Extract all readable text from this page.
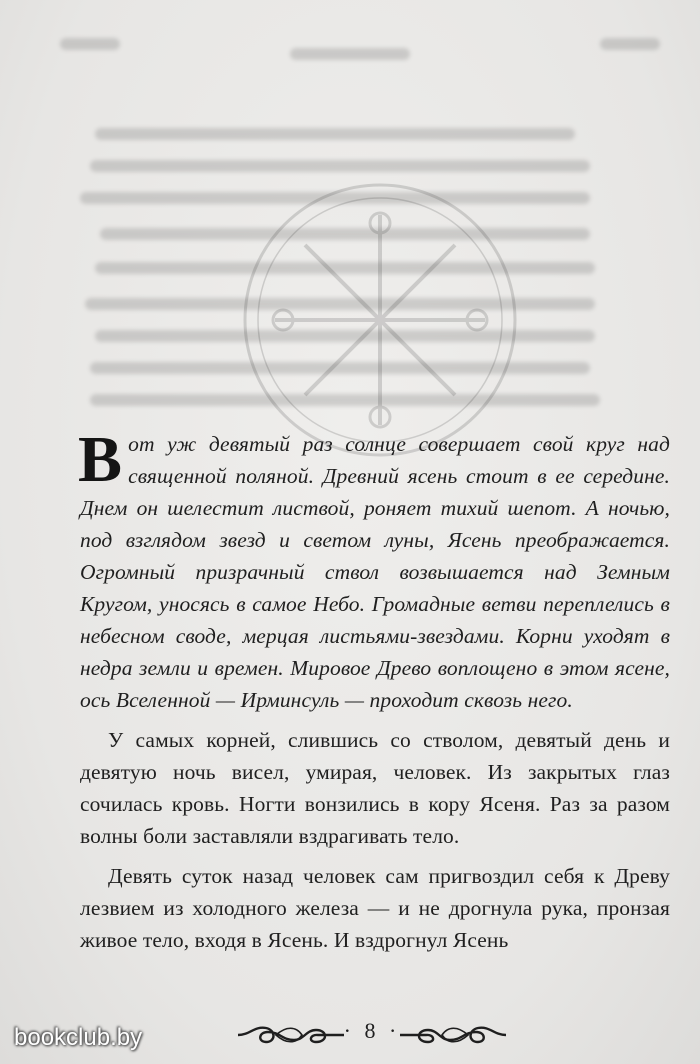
Вот уж девятый раз солнце совершает свой круг над священной поляной. Древний ясень стоит в ее середине. Днем он шелестит листвой, роняет тихий шепот. А ночью, под взглядом звезд и светом луны, Ясень преображается. Огромный призрачный ствол возвышается над Земным Кругом, уносясь в самое Небо. Громадные ветви переплелись в небесном своде, мерцая листьями-звездами. Корни уходят в недра земли и времен. Мировое Древо воплощено в этом ясене, ось Вселенной — Ирминсуль — проходит сквозь него.

У самых корней, слившись со стволом, девятый день и девятую ночь висел, умирая, человек. Из закрытых глаз сочилась кровь. Ногти вонзились в кору Ясеня. Раз за разом волны боли заставляли вздрагивать тело.

Девять суток назад человек сам пригвоздил себя к Древу лезвием из холодного железа — и не дрогнула рука, пронзая живое тело, входя в Ясень. И вздрогнул Ясень

· 8 ·
bookclub.by
